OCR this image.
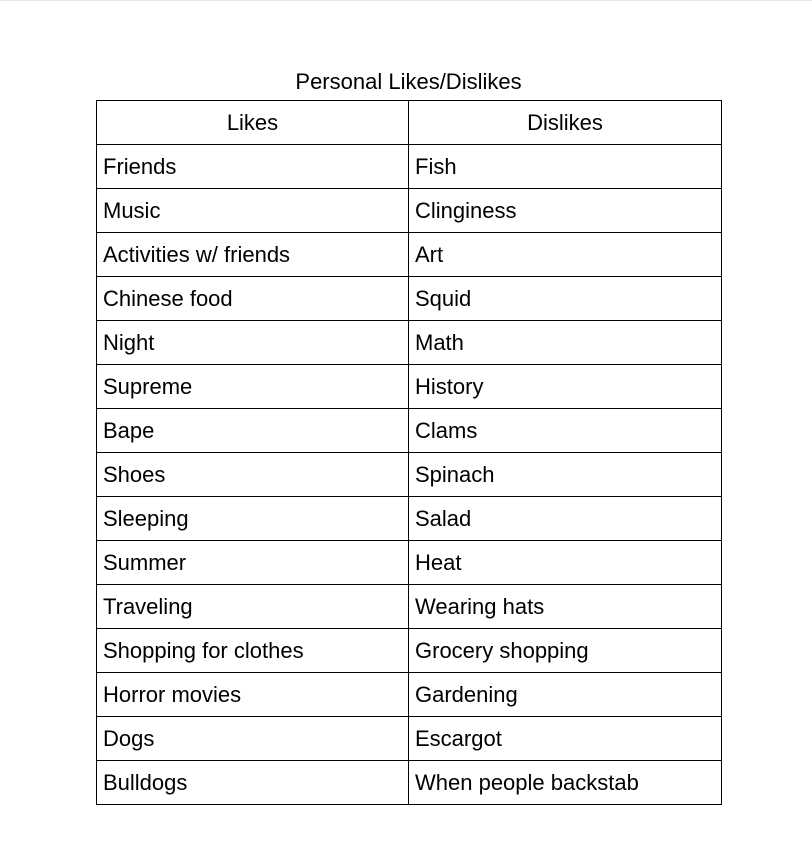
Personal Likes/Dislikes
Likes	Dislikes
Friends	Fish
Music	Clinginess
Activities w/ friends	Art
Chinese food	Squid
Night	Math
Supreme	History
Bape	Clams
Shoes	Spinach
Sleeping	Salad
Summer	Heat
Traveling	Wearing hats
Shopping for clothes	Grocery shopping
Horror movies	Gardening
Dogs	Escargot
Bulldogs	When people backstab
